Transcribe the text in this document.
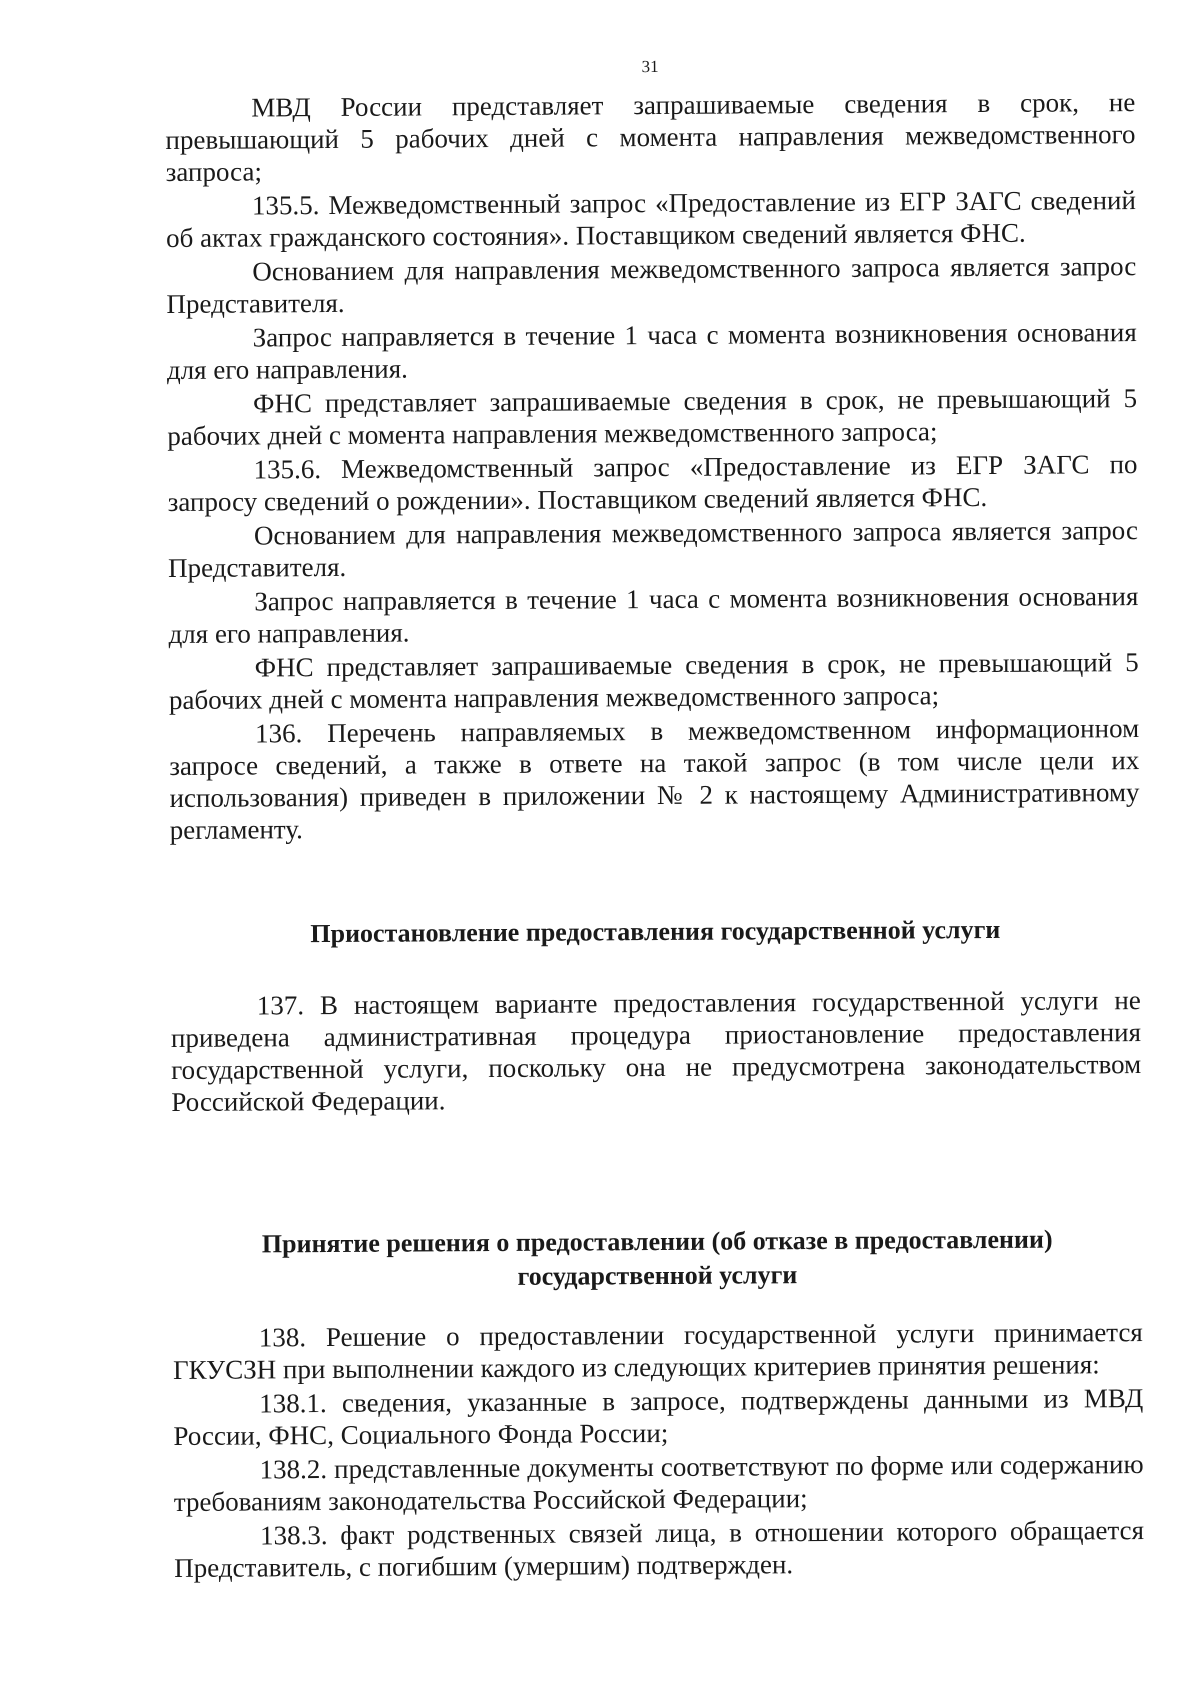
31

МВД России представляет запрашиваемые сведения в срок, не превышающий 5 рабочих дней с момента направления межведомственного запроса;

135.5. Межведомственный запрос «Предоставление из ЕГР ЗАГС сведений об актах гражданского состояния». Поставщиком сведений является ФНС.

Основанием для направления межведомственного запроса является запрос Представителя.

Запрос направляется в течение 1 часа с момента возникновения основания для его направления.

ФНС представляет запрашиваемые сведения в срок, не превышающий 5 рабочих дней с момента направления межведомственного запроса;

135.6. Межведомственный запрос «Предоставление из ЕГР ЗАГС по запросу сведений о рождении». Поставщиком сведений является ФНС.

Основанием для направления межведомственного запроса является запрос Представителя.

Запрос направляется в течение 1 часа с момента возникновения основания для его направления.

ФНС представляет запрашиваемые сведения в срок, не превышающий 5 рабочих дней с момента направления межведомственного запроса;

136. Перечень направляемых в межведомственном информационном запросе сведений, а также в ответе на такой запрос (в том числе цели их использования) приведен в приложении № 2 к настоящему Административному регламенту.

Приостановление предоставления государственной услуги

137. В настоящем варианте предоставления государственной услуги не приведена административная процедура приостановление предоставления государственной услуги, поскольку она не предусмотрена законодательством Российской Федерации.

Принятие решения о предоставлении (об отказе в предоставлении)
государственной услуги

138. Решение о предоставлении государственной услуги принимается ГКУСЗН при выполнении каждого из следующих критериев принятия решения:

138.1. сведения, указанные в запросе, подтверждены данными из МВД России, ФНС, Социального Фонда России;

138.2. представленные документы соответствуют по форме или содержанию требованиям законодательства Российской Федерации;

138.3. факт родственных связей лица, в отношении которого обращается Представитель, с погибшим (умершим) подтвержден.
